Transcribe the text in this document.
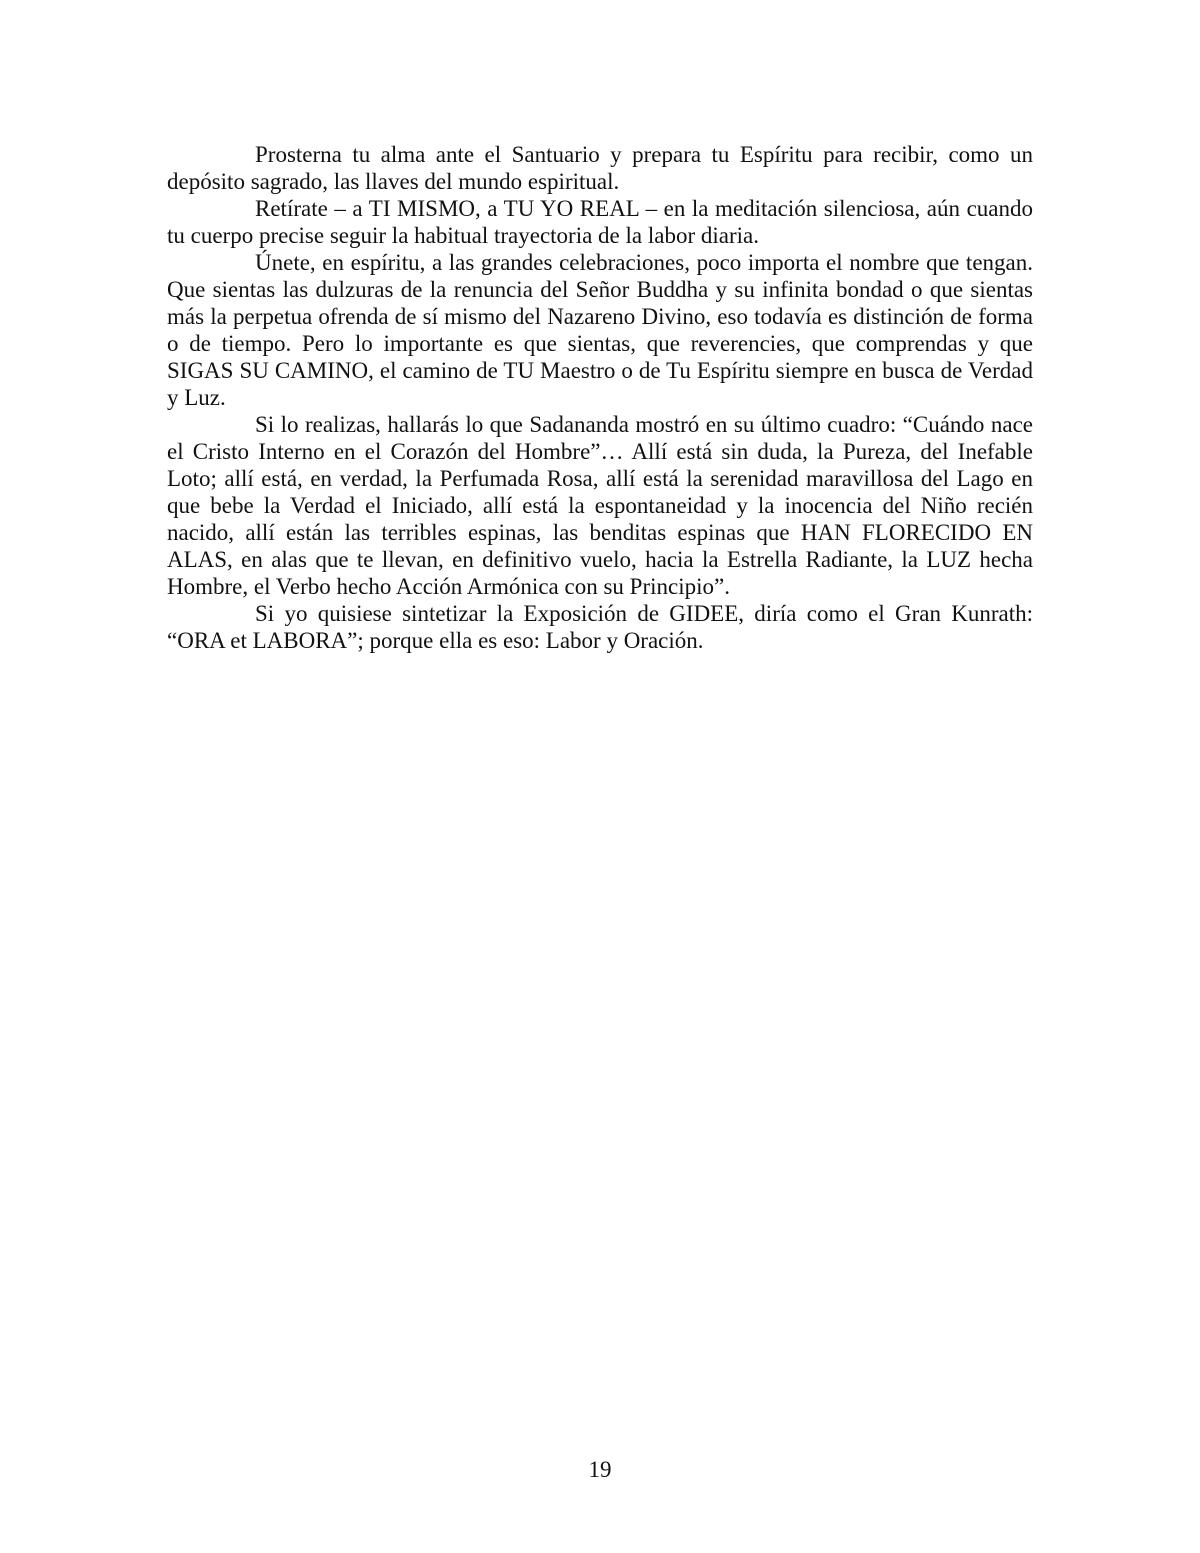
Prosterna tu alma ante el Santuario y prepara tu Espíritu para recibir, como un depósito sagrado, las llaves del mundo espiritual.

Retírate – a TI MISMO, a TU YO REAL – en la meditación silenciosa, aún cuando tu cuerpo precise seguir la habitual trayectoria de la labor diaria.

Únete, en espíritu, a las grandes celebraciones, poco importa el nombre que tengan. Que sientas las dulzuras de la renuncia del Señor Buddha y su infinita bondad o que sientas más la perpetua ofrenda de sí mismo del Nazareno Divino, eso todavía es distinción de forma o de tiempo. Pero lo importante es que sientas, que reverencies, que comprendas y que SIGAS SU CAMINO, el camino de TU Maestro o de Tu Espíritu siempre en busca de Verdad y Luz.

Si lo realizas, hallarás lo que Sadananda mostró en su último cuadro: “Cuándo nace el Cristo Interno en el Corazón del Hombre”… Allí está sin duda, la Pureza, del Inefable Loto; allí está, en verdad, la Perfumada Rosa, allí está la serenidad maravillosa del Lago en que bebe la Verdad el Iniciado, allí está la espontaneidad y la inocencia del Niño recién nacido, allí están las terribles espinas, las benditas espinas que HAN FLORECIDO EN ALAS, en alas que te llevan, en definitivo vuelo, hacia la Estrella Radiante, la LUZ hecha Hombre, el Verbo hecho Acción Armónica con su Principio”.

Si yo quisiese sintetizar la Exposición de GIDEE, diría como el Gran Kunrath: “ORA et LABORA”; porque ella es eso: Labor y Oración.

19
